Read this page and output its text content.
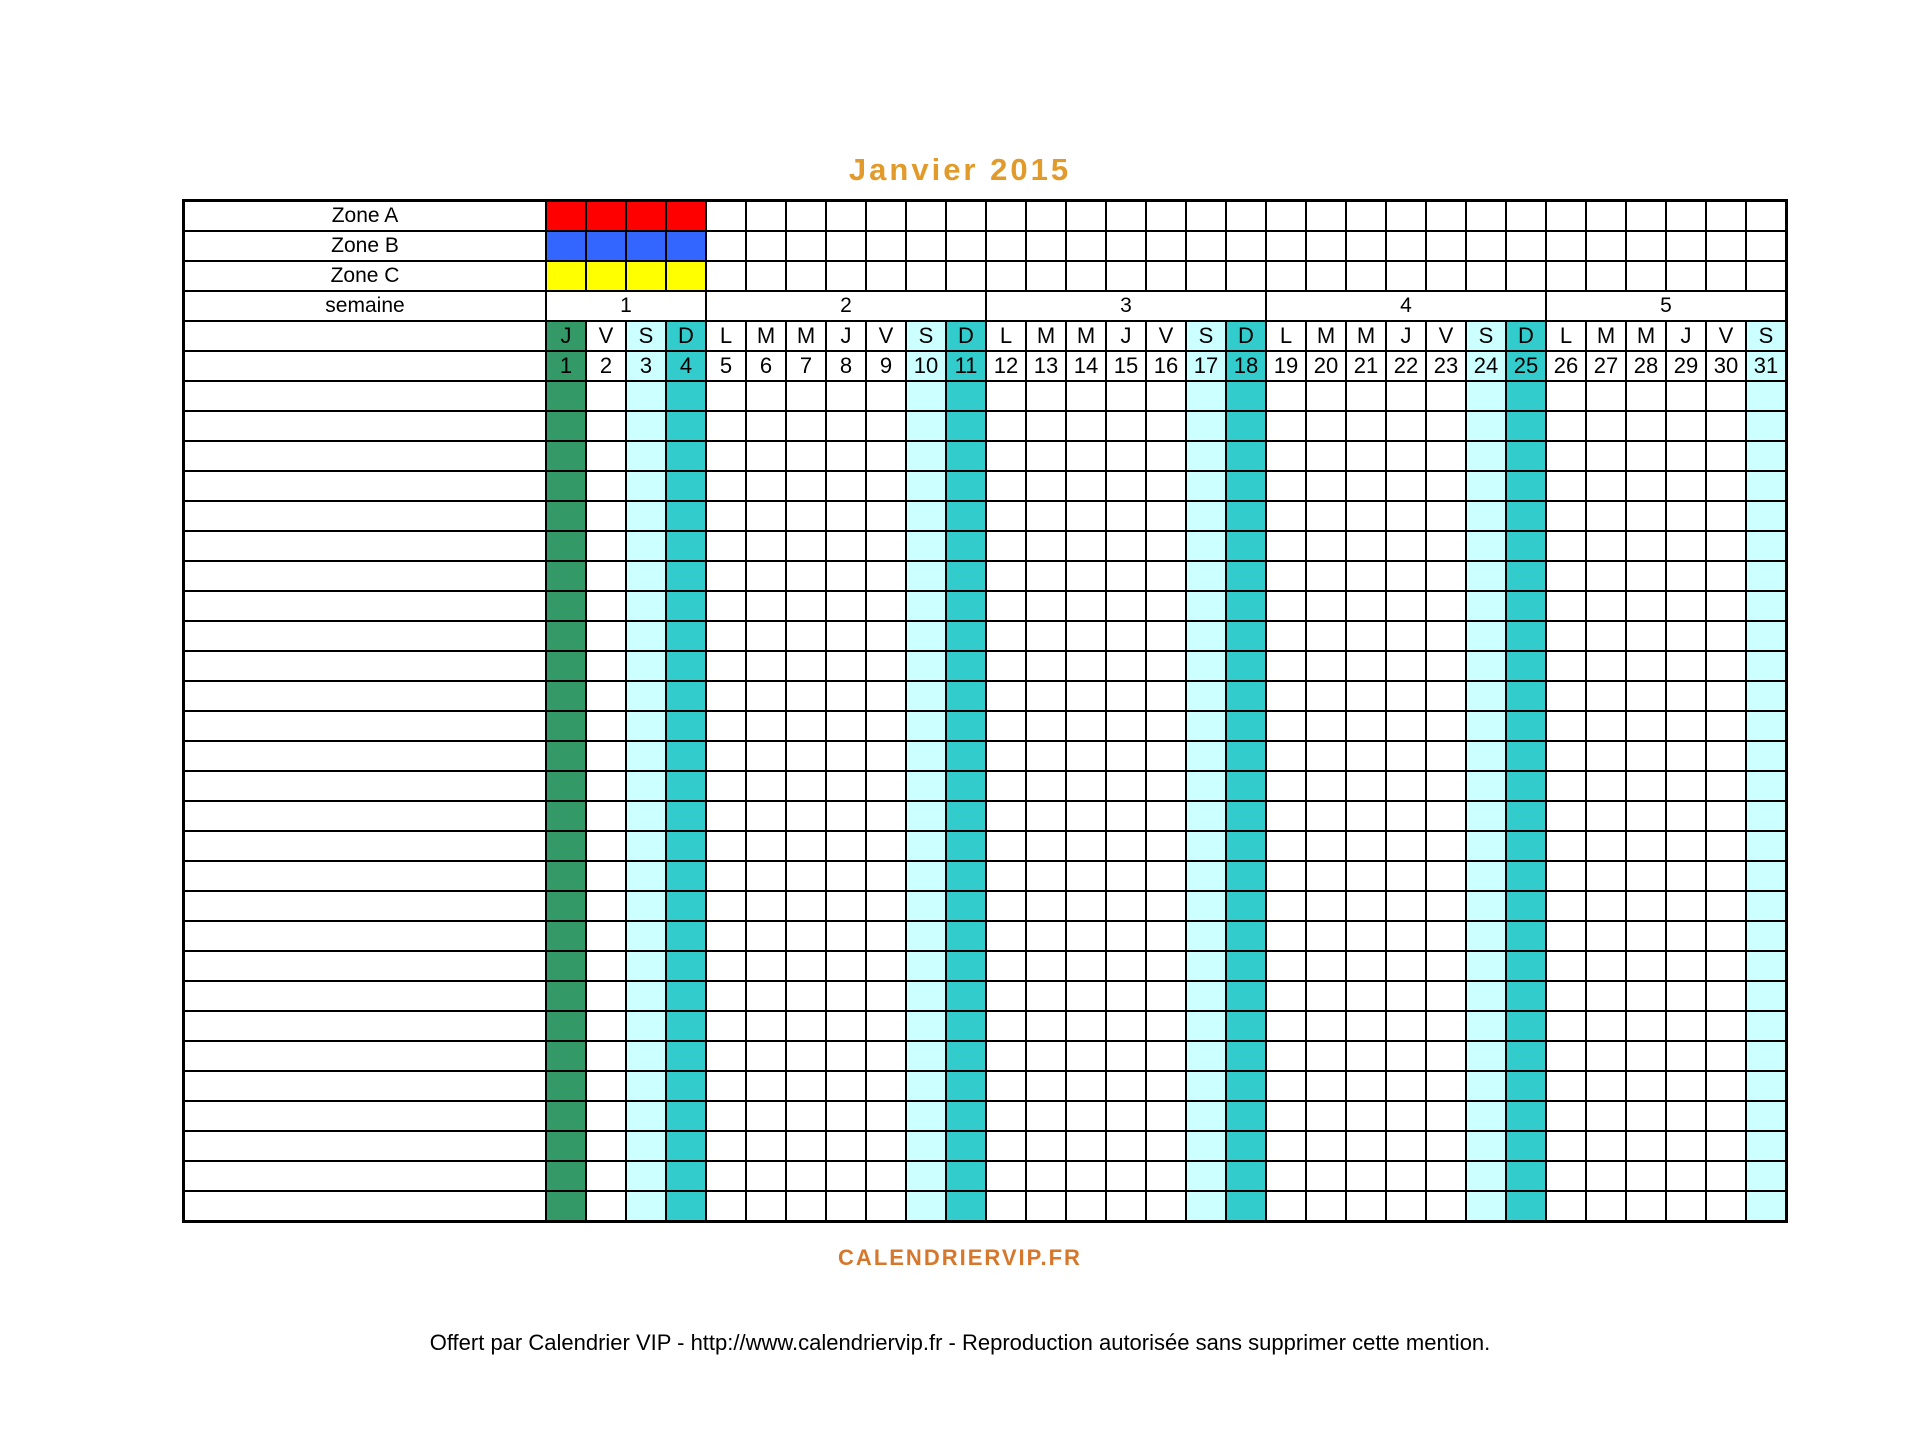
Janvier 2015
Zone A																															
Zone B																															
Zone C																															
semaine	1				2							3							4							5					
	J	V	S	D	L	M	M	J	V	S	D	L	M	M	J	V	S	D	L	M	M	J	V	S	D	L	M	M	J	V	S
	1	2	3	4	5	6	7	8	9	10	11	12	13	14	15	16	17	18	19	20	21	22	23	24	25	26	27	28	29	30	31

CALENDRIERVIP.FR
Offert par Calendrier VIP - http://www.calendriervip.fr - Reproduction autorisée sans supprimer cette mention.
